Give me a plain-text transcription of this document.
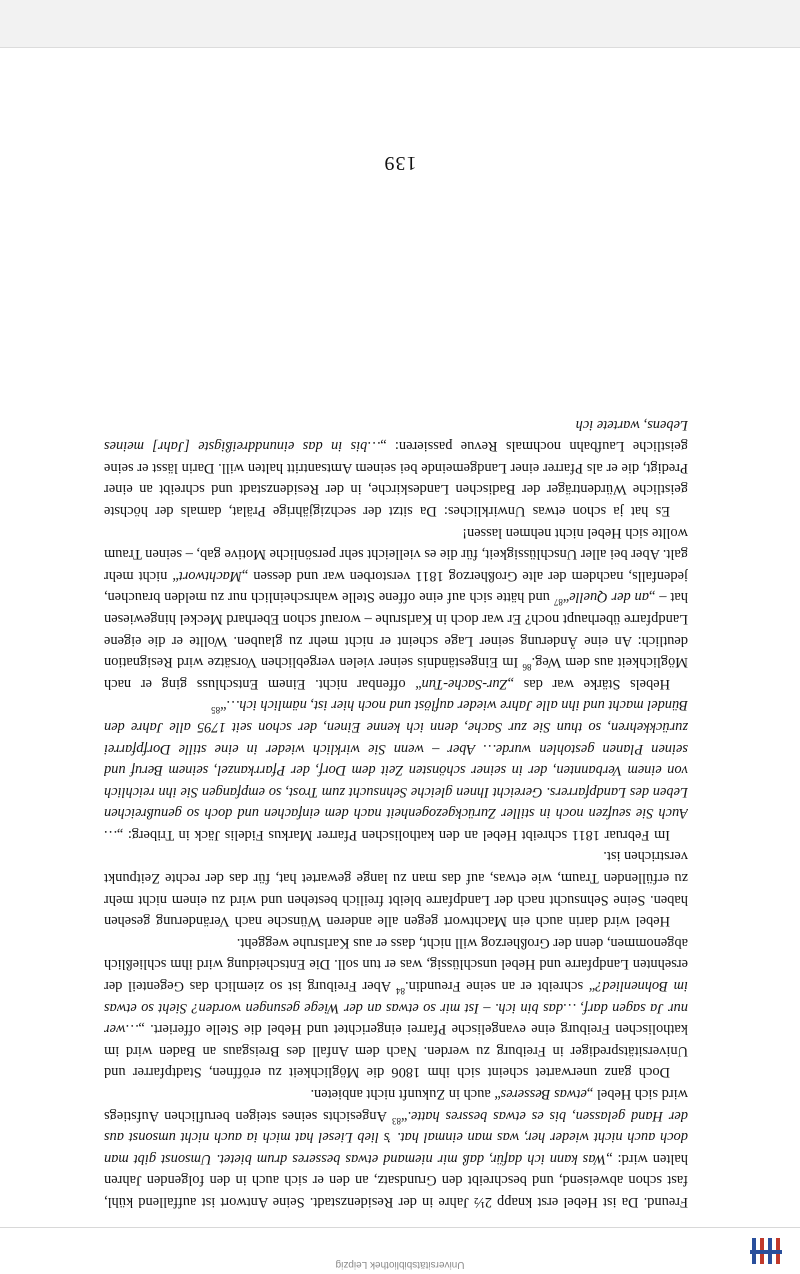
Universitätsbibliothek Leipzig

Freund. Da ist Hebel erst knapp 2½ Jahre in der Residenzstadt. Seine Antwort ist auffallend kühl, fast schon abweisend, und beschreibt den Grundsatz, an den er sich auch in den folgenden Jahren halten wird: „Was kann ich dafür, daß mir niemand etwas besseres drum bietet. Umsonst gibt man doch auch nicht wieder her, was man einmal hat. ’s lieb Liesel hat mich ia auch nicht umsonst aus der Hand gelassen, bis es etwas bessres hatte.“$^{83}$ Angesichts seines steigen beruflichen Aufstiegs wird sich Hebel „etwas Besseres“ auch in Zukunft nicht anbieten.

Doch ganz unerwartet scheint sich ihm 1806 die Möglichkeit zu eröffnen, Stadtpfarrer und Universitätsprediger in Freiburg zu werden. Nach dem Anfall des Breisgaus an Baden wird im katholischen Freiburg eine evangelische Pfarrei eingerichtet und Hebel die Stelle offeriert. „…wer nur Ja sagen darf, …das bin ich. – Ist mir so etwas an der Wiege gesungen worden? Sieht so etwas im Bohnenlied?“ schreibt er an seine Freundin.$^{84}$ Aber Freiburg ist so ziemlich das Gegenteil der ersehnten Landpfarre und Hebel unschlüssig, was er tun soll. Die Entscheidung wird ihm schließlich abgenommen, denn der Großherzog will nicht, dass er aus Karlsruhe weggeht.

Hebel wird darin auch ein Machtwort gegen alle anderen Wünsche nach Veränderung gesehen haben. Seine Sehnsucht nach der Landpfarre bleibt freilich bestehen und wird zu einem nicht mehr zu erfüllenden Traum, wie etwas, auf das man zu lange gewartet hat, für das der rechte Zeitpunkt verstrichen ist.

Im Februar 1811 schreibt Hebel an den katholischen Pfarrer Markus Fidelis Jäck in Triberg: „…Auch Sie seufzen noch in stiller Zurückgezogenheit nach dem einfachen und doch so genußreichen Leben des Landpfarrers. Gereicht Ihnen gleiche Sehnsucht zum Trost, so empfangen Sie ihn reichlich von einem Verbannten, der in seiner schönsten Zeit dem Dorf, der Pfarrkanzel, seinem Beruf und seinen Planen gestohlen wurde… Aber – wenn Sie wirklich wieder in eine stille Dorfpfarrei zurückkehren, so thun Sie zur Sache, denn ich kenne Einen, der schon seit 1795 alle Jahre den Bündel macht und ihn alle Jahre wieder auflöst und noch hier ist, nämlich ich…“$^{85}$

Hebels Stärke war das „Zur-Sache-Tun“ offenbar nicht. Einem Entschluss ging er nach Möglichkeit aus dem Weg.$^{86}$ Im Eingeständnis seiner vielen vergeblichen Vorsätze wird Resignation deutlich: An eine Änderung seiner Lage scheint er nicht mehr zu glauben. Wollte er die eigene Landpfarre überhaupt noch? Er war doch in Karlsruhe – worauf schon Eberhard Meckel hingewiesen hat – „an der Quelle“$^{87}$ und hätte sich auf eine offene Stelle wahrscheinlich nur zu melden brauchen, jedenfalls, nachdem der alte Großherzog 1811 verstorben war und dessen „Machtwort“ nicht mehr galt. Aber bei aller Unschlüssigkeit, für die es vielleicht sehr persönliche Motive gab, – seinen Traum wollte sich Hebel nicht nehmen lassen!

Es hat ja schon etwas Unwirkliches: Da sitzt der sechzigjährige Prälat, damals der höchste geistliche Würdenträger der Badischen Landeskirche, in der Residenzstadt und schreibt an einer Predigt, die er als Pfarrer einer Landgemeinde bei seinem Amtsantritt halten will. Darin lässt er seine geistliche Laufbahn nochmals Revue passieren: „…bis in das einunddreißigste [Jahr] meines Lebens, wartete ich

139
